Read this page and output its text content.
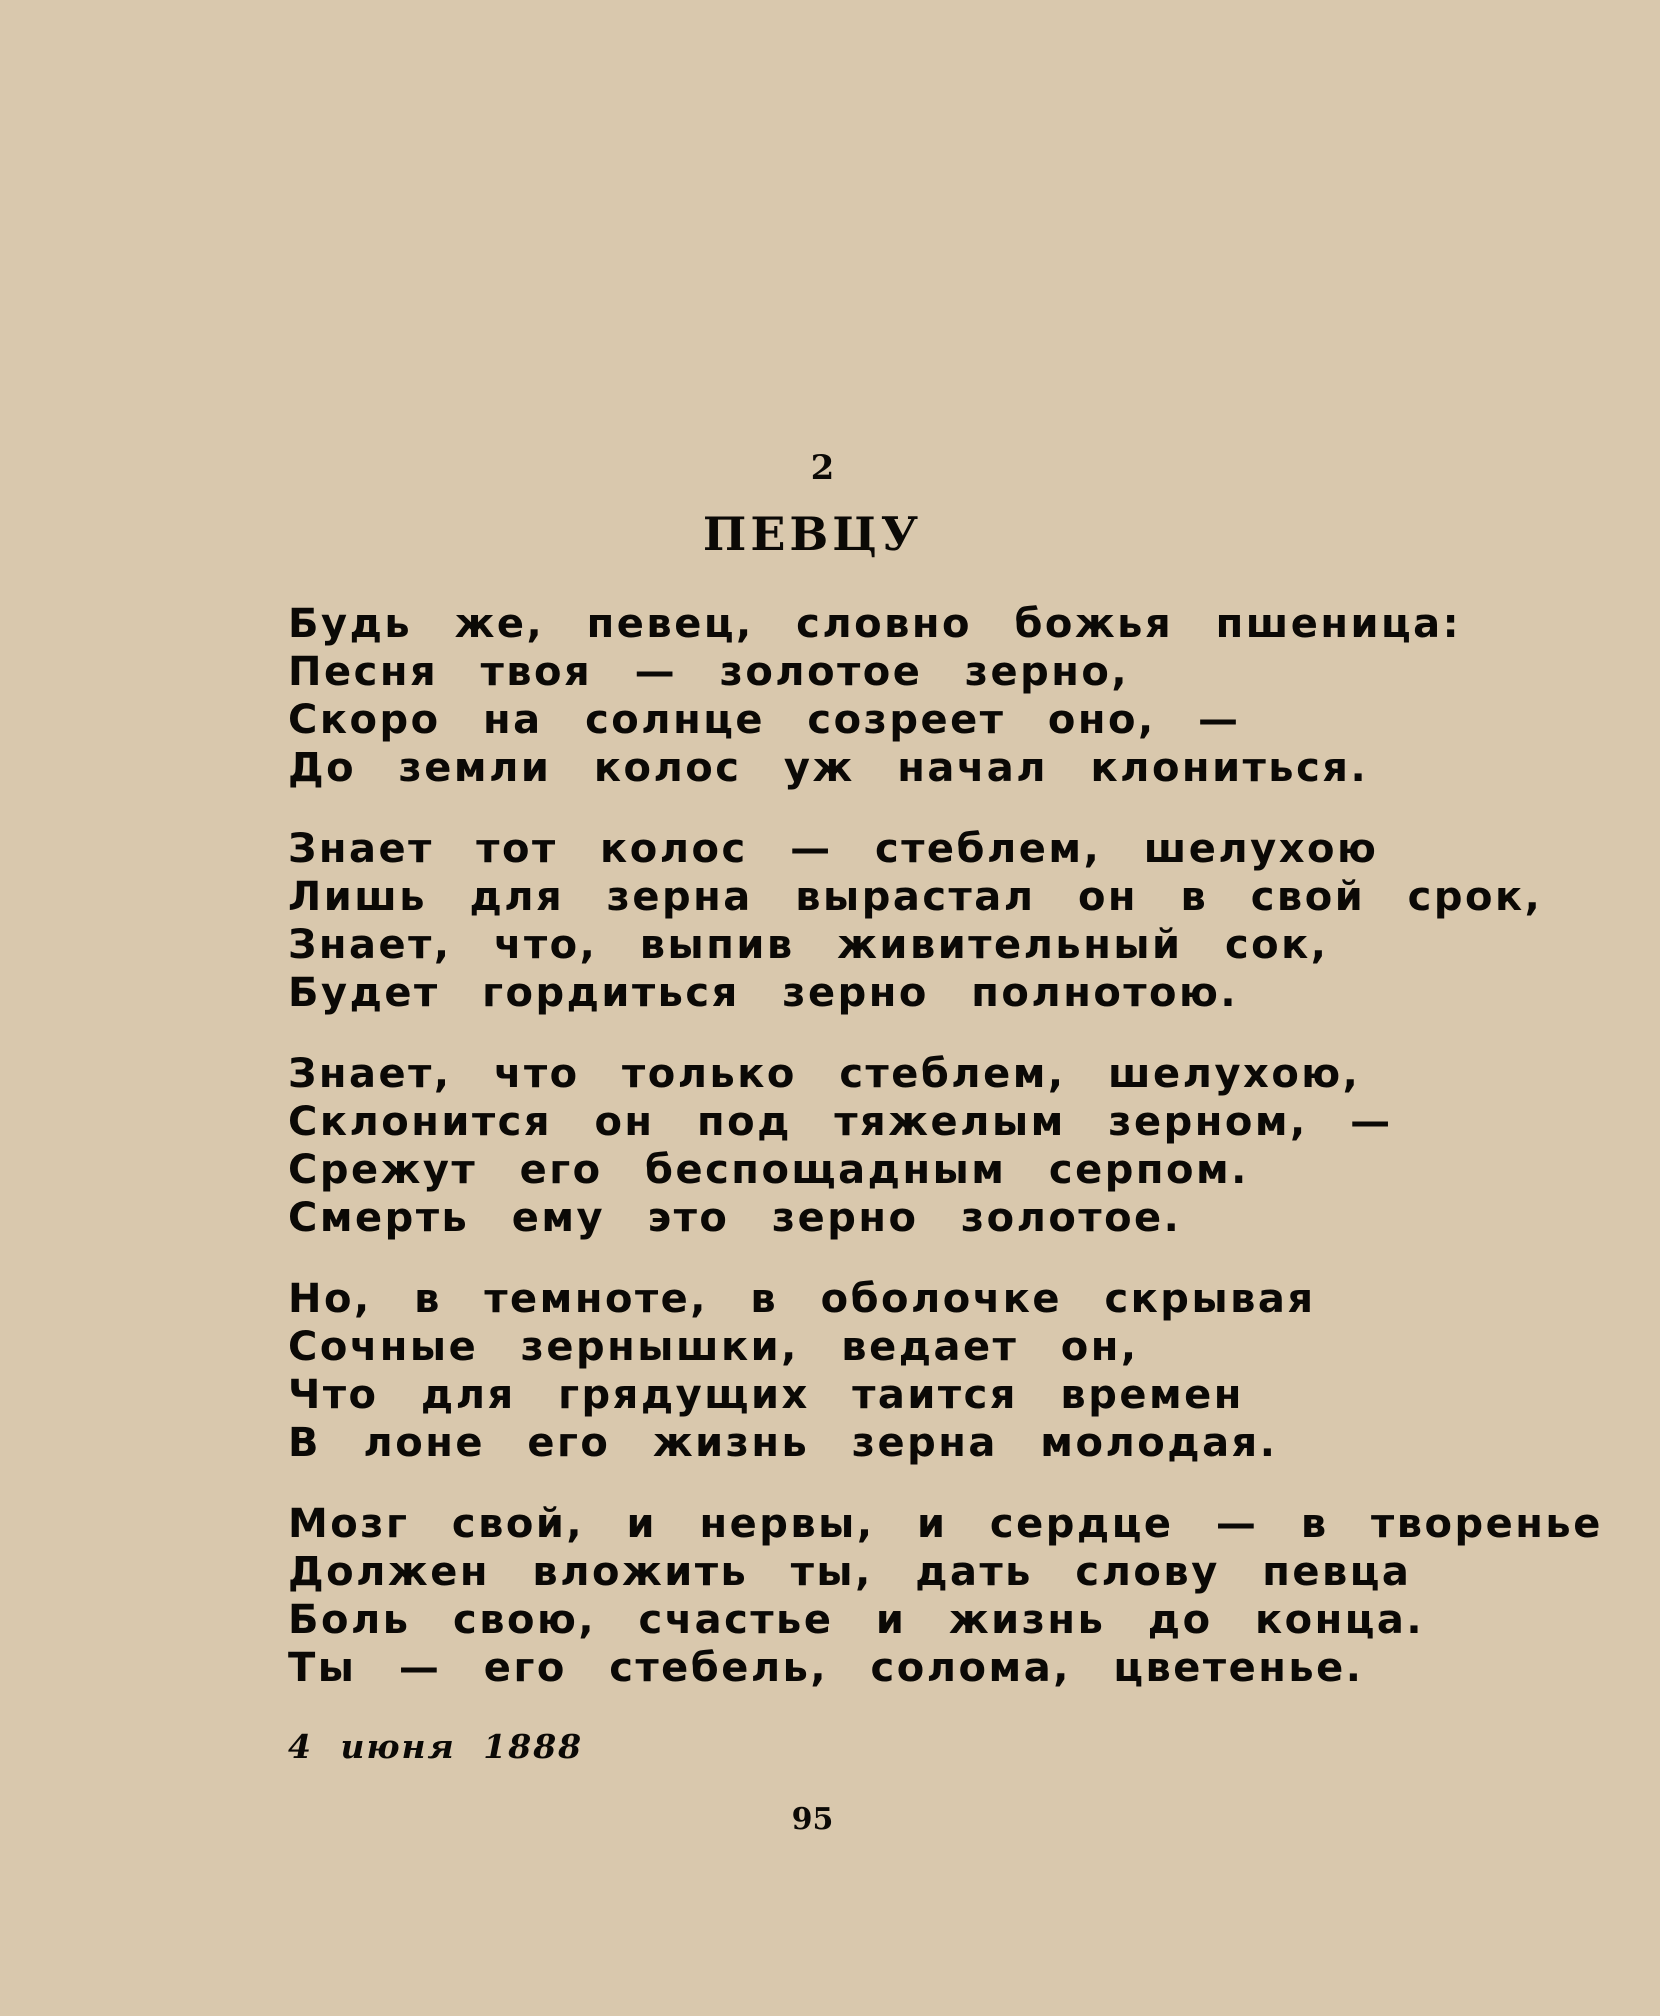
2
ПЕВЦУ
Будь же, певец, словно божья пшеница:
Песня твоя — золотое зерно,
Скоро на солнце созреет оно, —
До земли колос уж начал клониться.
Знает тот колос — стеблем, шелухою
Лишь для зерна вырастал он в свой срок,
Знает, что, выпив живительный сок,
Будет гордиться зерно полнотою.
Знает, что только стеблем, шелухою,
Склонится он под тяжелым зерном, —
Срежут его беспощадным серпом.
Смерть ему это зерно золотое.
Но, в темноте, в оболочке скрывая
Сочные зернышки, ведает он,
Что для грядущих таится времен
В лоне его жизнь зерна молодая.
Мозг свой, и нервы, и сердце — в творенье
Должен вложить ты, дать слову певца
Боль свою, счастье и жизнь до конца.
Ты — его стебель, солома, цветенье.
4 июня 1888
95
